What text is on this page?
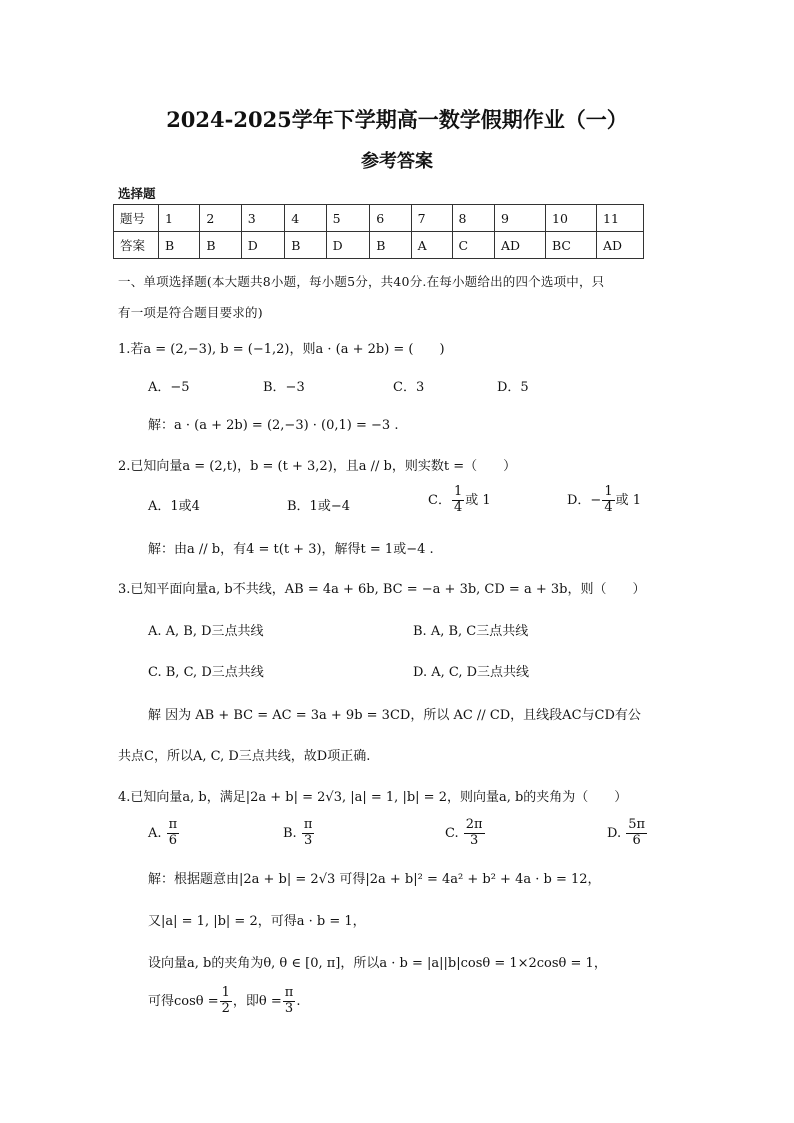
2024-2025学年下学期高一数学假期作业（一）
参考答案
选择题
题号	1	2	3	4	5	6	7	8	9	10	11
答案	B	B	D	B	D	B	A	C	AD	BC	AD
一、单项选择题(本大题共8小题，每小题5分，共40分.在每小题给出的四个选项中，只
有一项是符合题目要求的)
1.若a = (2,−3), b = (−1,2)，则a · (a + 2b) = (　　)
A．−5	B．−3	C．3	D．5
解：a · (a + 2b) = (2,−3) · (0,1) = −3 .
2.已知向量a = (2,t)，b = (t + 3,2)，且a // b，则实数t =（　　）
A．1或4	B．1或−4	C． $\frac{1}{4}$ 或 1	D．− $\frac{1}{4}$ 或 1
解：由a // b，有4 = t(t + 3)，解得t = 1或−4 .
3.已知平面向量a, b不共线，AB = 4a + 6b, BC = −a + 3b, CD = a + 3b，则（　　）
A. A, B, D三点共线	B. A, B, C三点共线
C. B, C, D三点共线	D. A, C, D三点共线
解 因为 AB + BC = AC = 3a + 9b = 3CD，所以 AC // CD，且线段AC与CD有公
共点C，所以A, C, D三点共线，故D项正确.
4.已知向量a, b，满足|2a + b| = 2√3, |a| = 1, |b| = 2，则向量a, b的夹角为（　　）
A. $\frac{\pi}{6}$	B. $\frac{\pi}{3}$	C. $\frac{2\pi}{3}$	D. $\frac{5\pi}{6}$
解：根据题意由|2a + b| = 2√3 可得|2a + b|² = 4a² + b² + 4a · b = 12，
又|a| = 1, |b| = 2，可得a · b = 1，
设向量a, b的夹角为θ, θ ∈ [0, π]，所以a · b = |a||b|cosθ = 1×2cosθ = 1，
可得$\cos\theta = \frac{1}{2}$ ，即$\theta = \frac{\pi}{3}$ .
